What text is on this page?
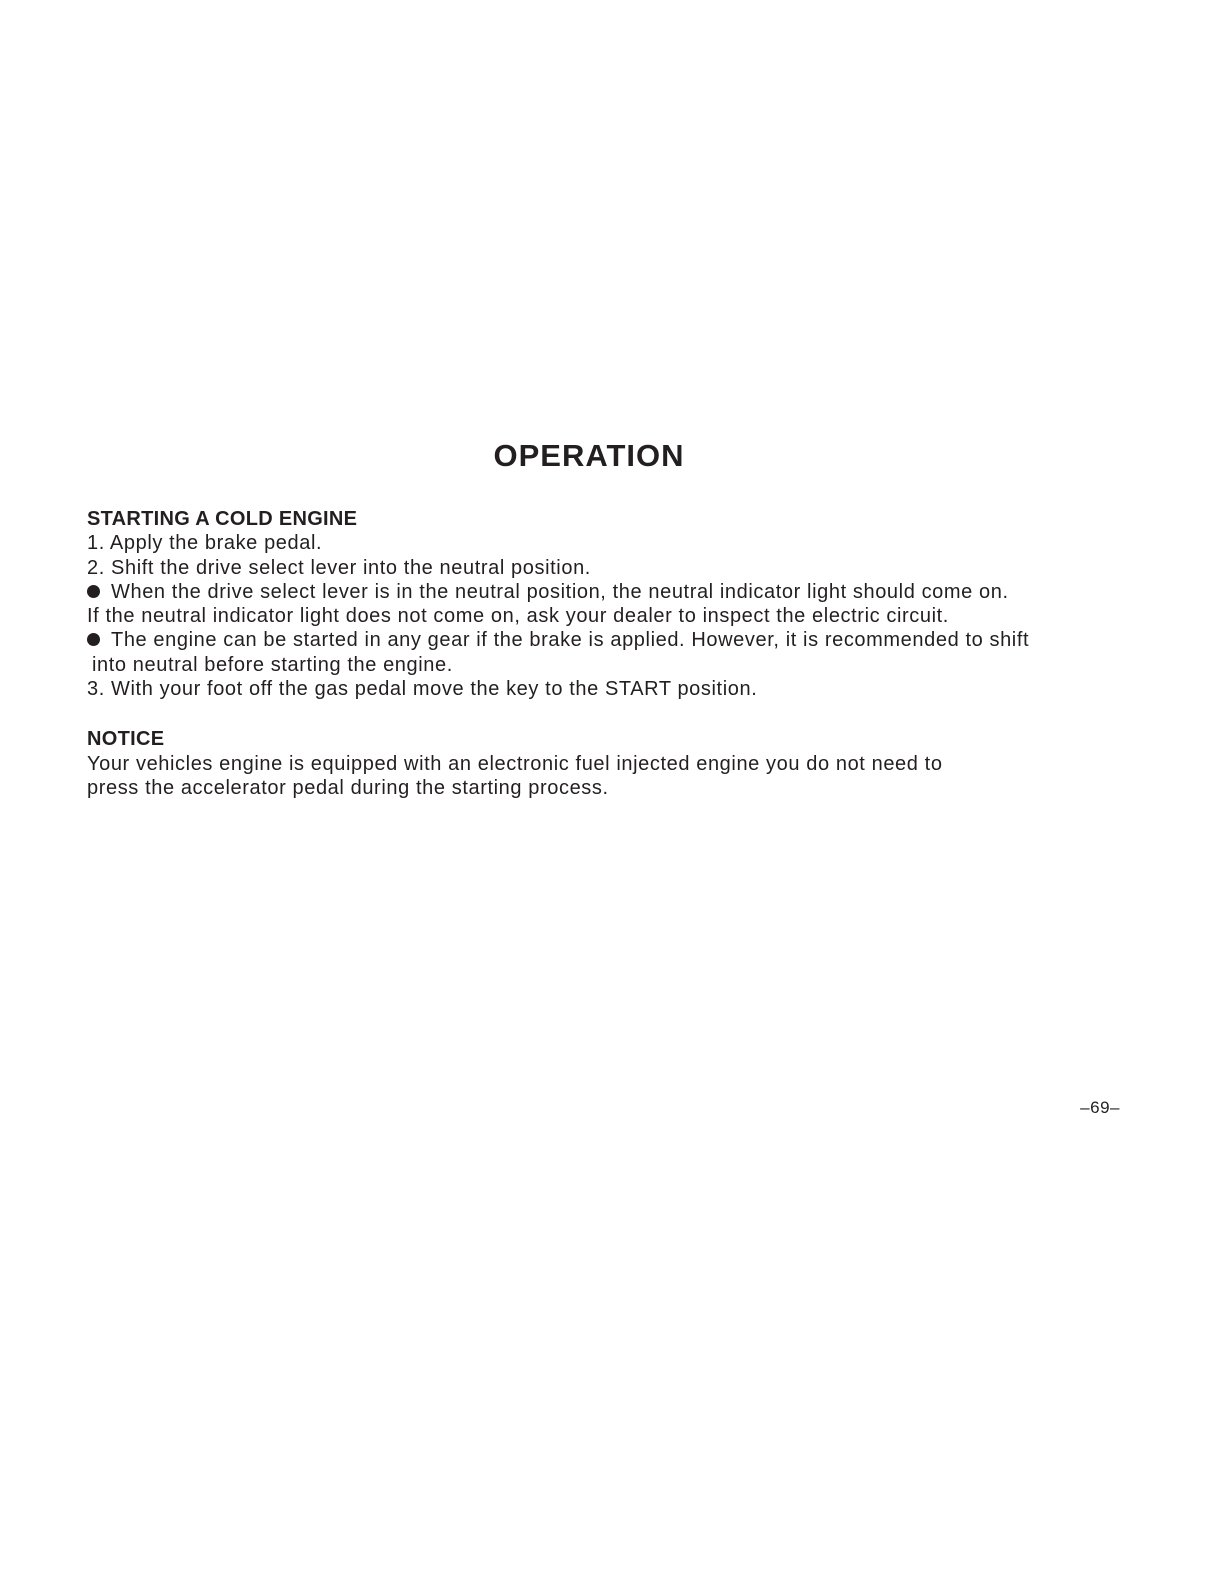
OPERATION
STARTING A COLD ENGINE
1. Apply the brake pedal.
2. Shift the drive select lever into the neutral position.
When the drive select lever is in the neutral position, the neutral indicator light should come on.
If the neutral indicator light does not come on, ask your dealer to inspect the electric circuit.
The engine can be started in any gear if the brake is applied. However, it is recommended to shift
into neutral before starting the engine.
3. With your foot off the gas pedal move the key to the START position.
NOTICE
Your vehicles engine is equipped with an electronic fuel injected engine you do not need to
press the accelerator pedal during the starting process.
–69–
